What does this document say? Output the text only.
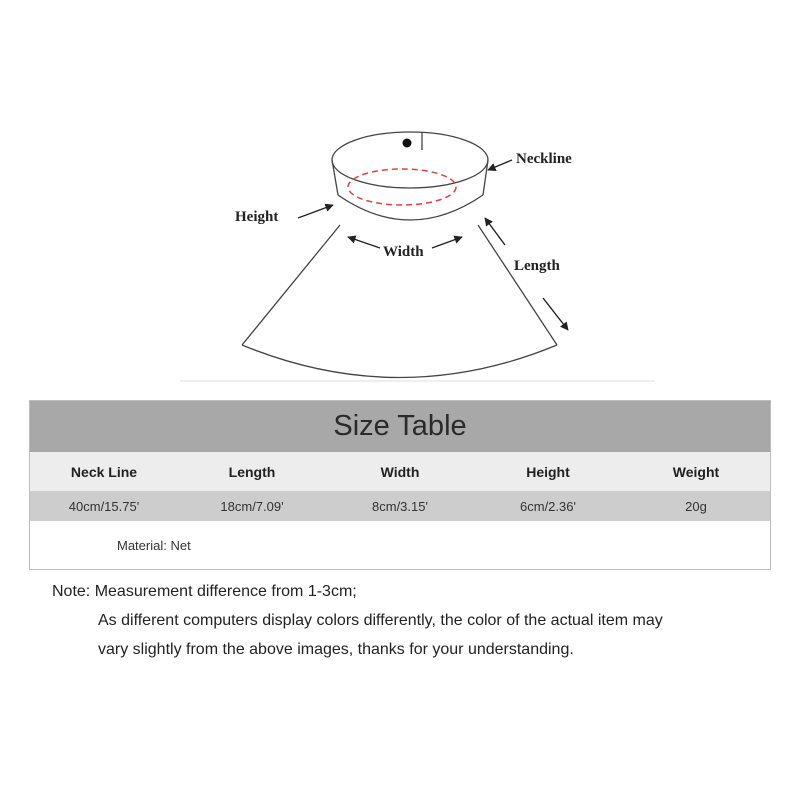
Neckline
Height
Width
Length
Size Table
Neck Line	Length	Width	Height	Weight
40cm/15.75'	18cm/7.09'	8cm/3.15'	6cm/2.36'	20g
Material: Net
Note: Measurement difference from 1-3cm;
As different computers display colors differently, the color of the actual item may
vary slightly from the above images, thanks for your understanding.
